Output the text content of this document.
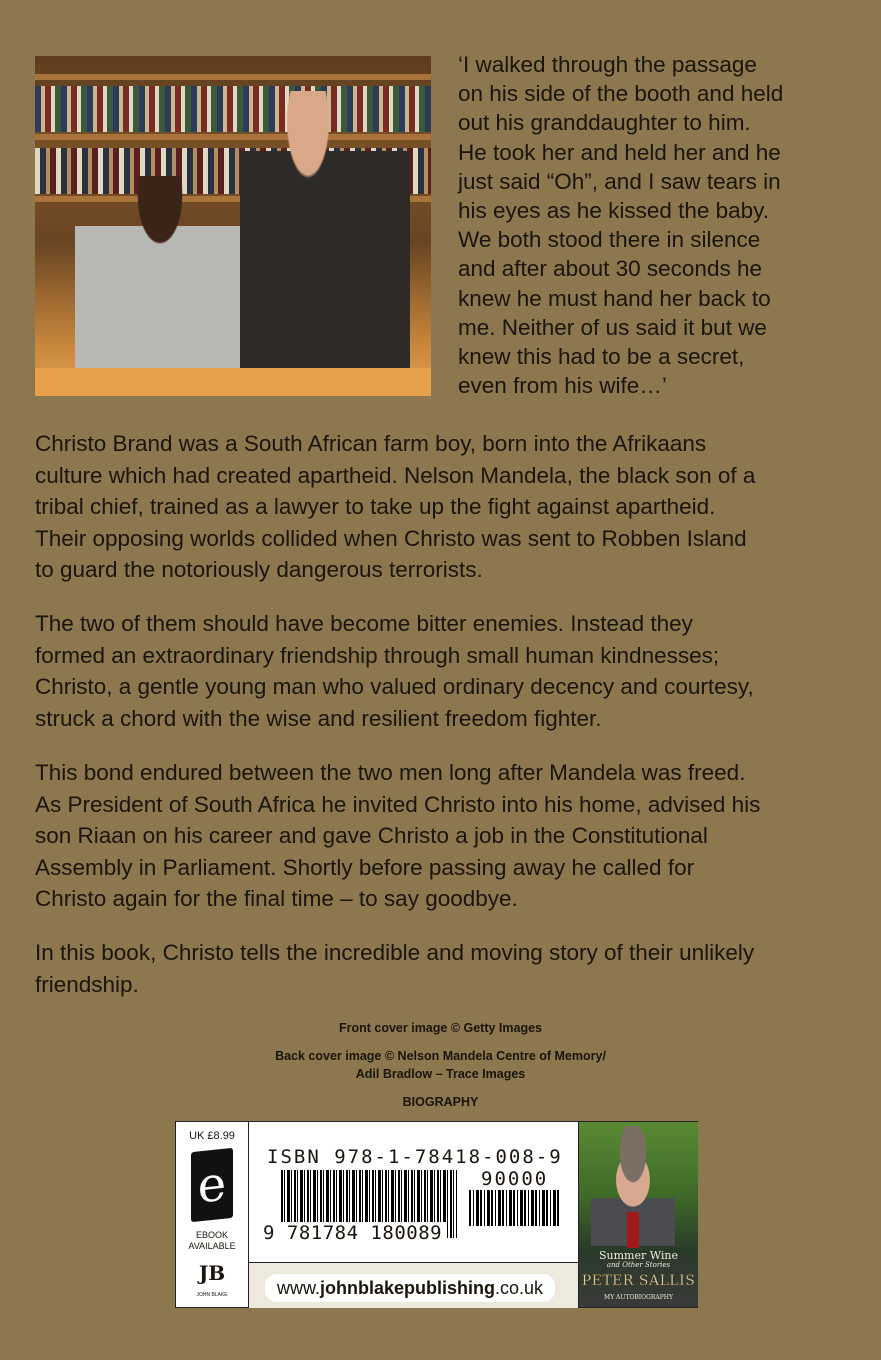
‘I walked through the passage
on his side of the booth and held
out his granddaughter to him.
He took her and held her and he
just said “Oh”, and I saw tears in
his eyes as he kissed the baby.
We both stood there in silence
and after about 30 seconds he
knew he must hand her back to
me. Neither of us said it but we
knew this had to be a secret,
even from his wife…’

Christo Brand was a South African farm boy, born into the Afrikaans
culture which had created apartheid. Nelson Mandela, the black son of a
tribal chief, trained as a lawyer to take up the fight against apartheid.
Their opposing worlds collided when Christo was sent to Robben Island
to guard the notoriously dangerous terrorists.

The two of them should have become bitter enemies. Instead they
formed an extraordinary friendship through small human kindnesses;
Christo, a gentle young man who valued ordinary decency and courtesy,
struck a chord with the wise and resilient freedom fighter.

This bond endured between the two men long after Mandela was freed.
As President of South Africa he invited Christo into his home, advised his
son Riaan on his career and gave Christo a job in the Constitutional
Assembly in Parliament. Shortly before passing away he called for
Christo again for the final time – to say goodbye.

In this book, Christo tells the incredible and moving story of their unlikely
friendship.

Front cover image © Getty Images
Back cover image © Nelson Mandela Centre of Memory/
Adil Bradlow – Trace Images
BIOGRAPHY
UK £8.99
e
EBOOK
AVAILABLE
JB
JOHN BLAKE

ISBN 978-1-78418-008-9

90000
9 781784 180089
www.johnblakepublishing.co.uk
Summer Wine
and Other Stories
PETER SALLIS
MY AUTOBIOGRAPHY
